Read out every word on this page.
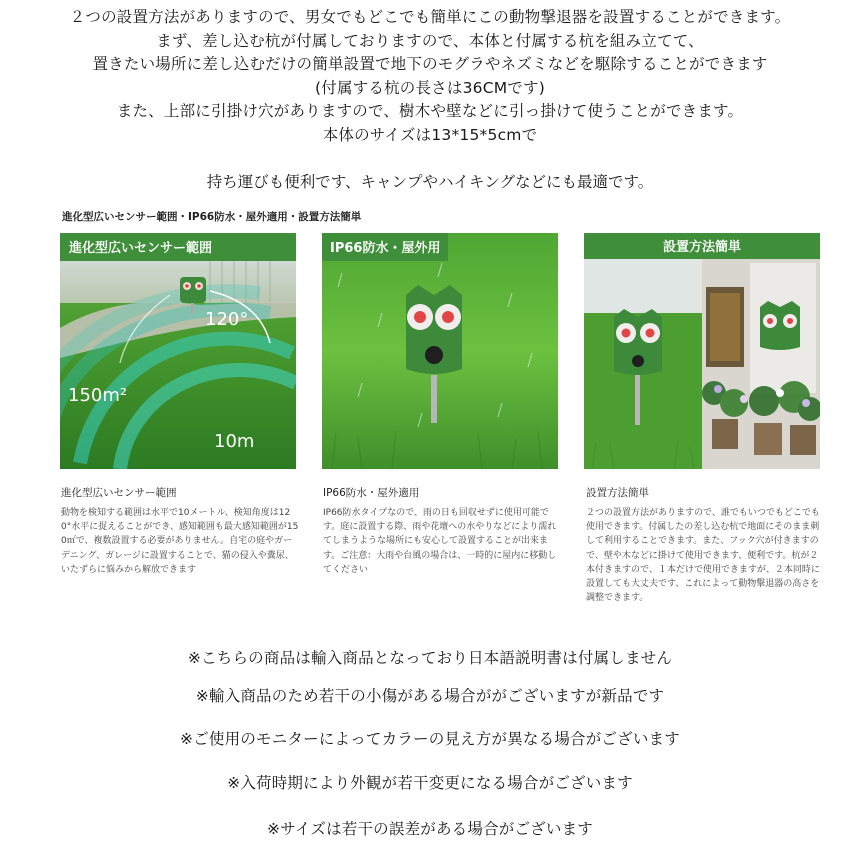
２つの設置方法がありますので、男女でもどこでも簡単にこの動物撃退器を設置することができます。

まず、差し込む杭が付属しておりますので、本体と付属する杭を組み立てて、

置きたい場所に差し込むだけの簡単設置で地下のモグラやネズミなどを駆除することができます

(付属する杭の長さは36CMです)

また、上部に引掛け穴がありますので、樹木や壁などに引っ掛けて使うことができます。

本体のサイズは13*15*5cmで

持ち運びも便利です、キャンプやハイキングなどにも最適です。
進化型広いセンサー範囲・IP66防水・屋外適用・設置方法簡単
進化型広いセンサー範囲
120°
150m²
10m
IP66防水・屋外用	設置方法簡単
進化型広いセンサー範囲

動物を検知する範囲は水平で10メートル、検知角度は120°水平に捉えることができ、感知範囲も最大感知範囲が150㎡で、複数設置する必要がありません。自宅の庭やガーデニング、ガレージに設置することで、猫の侵入や糞尿、いたずらに悩みから解放できます

IP66防水・屋外適用

IP66防水タイプなので、雨の日も回収せずに使用可能です。庭に設置する際、雨や花壇への水やりなどにより濡れてしまうような場所にも安心して設置することが出来ます。ご注意：大雨や台風の場合は、一時的に屋内に移動してください

設置方法簡単

２つの設置方法がありますので、誰でもいつでもどこでも使用できます。付属したの差し込む杭で地面にそのまま刺して利用することできます。また、フック穴が付きますので、壁や木などに掛けて使用できます、便利です。杭が２本付きますので、１本だけで使用できますが、２本同時に設置しても大丈夫です、これによって動物撃退器の高さを調整できます。

※こちらの商品は輸入商品となっており日本語説明書は付属しません
※輸入商品のため若干の小傷がある場合ががございますが新品です
※ご使用のモニターによってカラーの見え方が異なる場合がございます
※入荷時期により外観が若干変更になる場合がございます
※サイズは若干の誤差がある場合がございます
